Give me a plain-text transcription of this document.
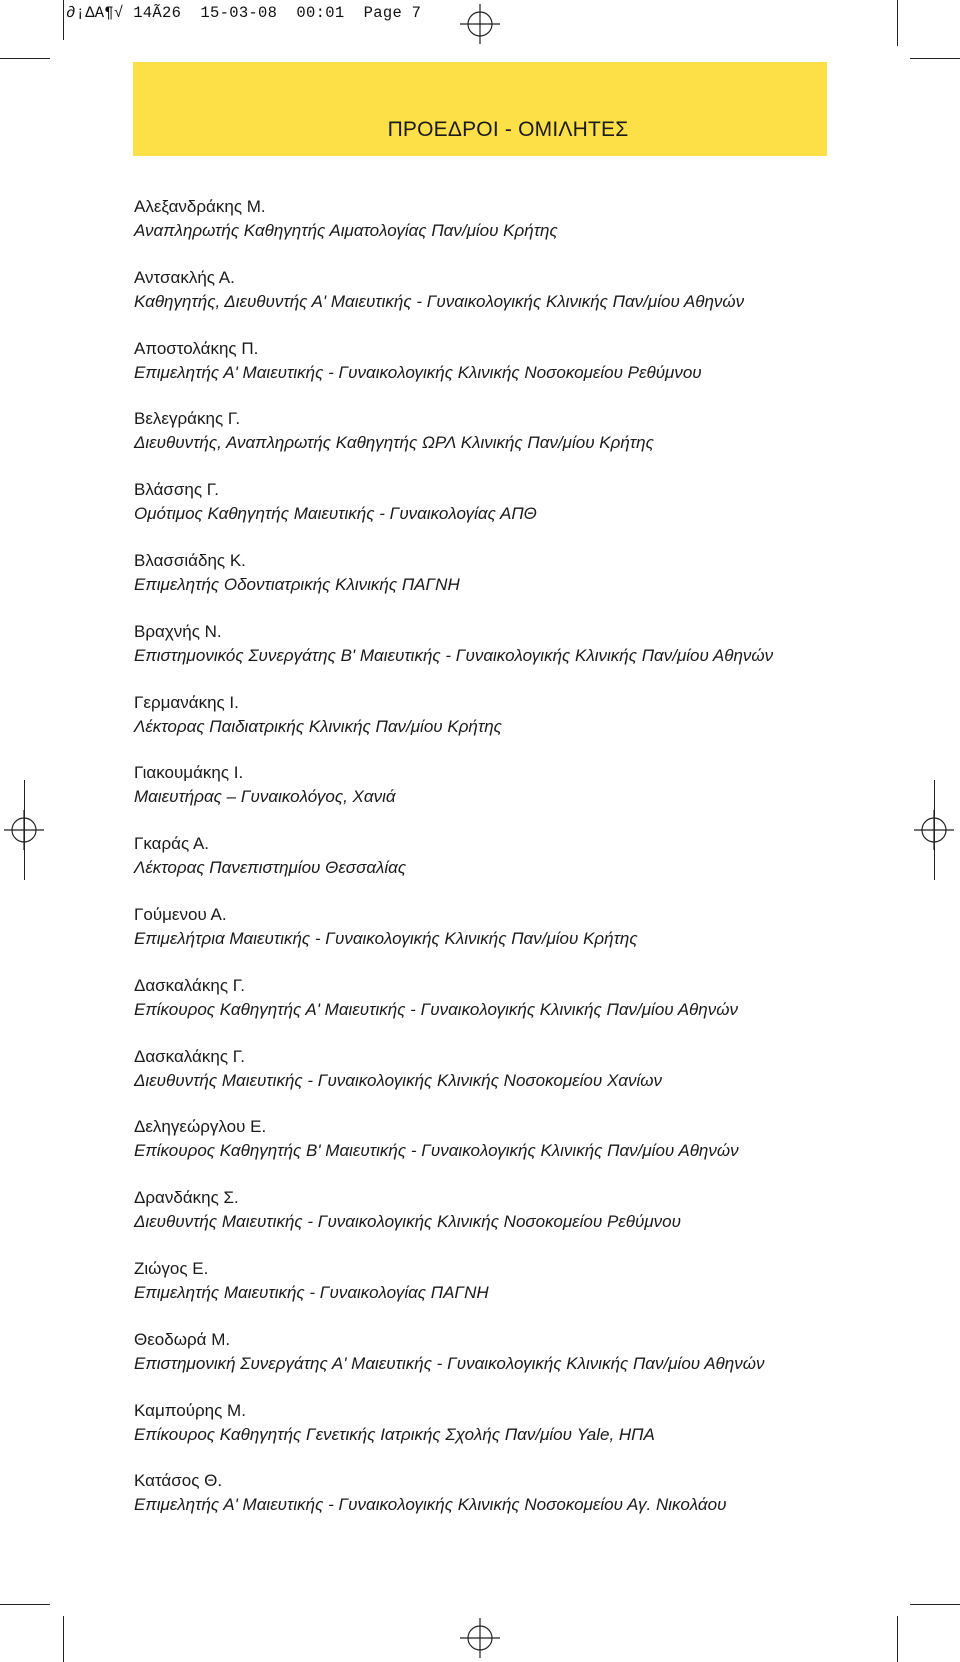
∂¡ΔΑ¶√ 14Ã26  15-03-08  00:01  Page 7
ΠΡΟΕΔΡΟΙ - ΟΜΙΛΗΤΕΣ
Αλεξανδράκης Μ.
Αναπληρωτής Καθηγητής Αιματολογίας Παν/μίου Κρήτης
Αντσακλής Α.
Καθηγητής, Διευθυντής Α' Μαιευτικής - Γυναικολογικής Κλινικής Παν/μίου Αθηνών
Αποστολάκης Π.
Επιμελητής Α' Μαιευτικής - Γυναικολογικής Κλινικής Νοσοκομείου Ρεθύμνου
Βελεγράκης Γ.
Διευθυντής, Αναπληρωτής Καθηγητής ΩΡΛ Κλινικής Παν/μίου Κρήτης
Βλάσσης Γ.
Ομότιμος Καθηγητής Μαιευτικής - Γυναικολογίας ΑΠΘ
Βλασσιάδης Κ.
Επιμελητής Οδοντιατρικής Κλινικής ΠΑΓΝΗ
Βραχνής Ν.
Επιστημονικός Συνεργάτης Β' Μαιευτικής - Γυναικολογικής Κλινικής Παν/μίου Αθηνών
Γερμανάκης Ι.
Λέκτορας Παιδιατρικής Κλινικής Παν/μίου Κρήτης
Γιακουμάκης Ι.
Μαιευτήρας – Γυναικολόγος, Χανιά
Γκαράς Α.
Λέκτορας Πανεπιστημίου Θεσσαλίας
Γούμενου Α.
Επιμελήτρια Μαιευτικής - Γυναικολογικής Κλινικής Παν/μίου Κρήτης
Δασκαλάκης Γ.
Επίκουρος Καθηγητής Α' Μαιευτικής - Γυναικολογικής Κλινικής Παν/μίου Αθηνών
Δασκαλάκης Γ.
Διευθυντής Μαιευτικής - Γυναικολογικής Κλινικής Νοσοκομείου Χανίων
Δεληγεώργλου Ε.
Επίκουρος Καθηγητής Β' Μαιευτικής - Γυναικολογικής Κλινικής Παν/μίου Αθηνών
Δρανδάκης Σ.
Διευθυντής Μαιευτικής - Γυναικολογικής Κλινικής Νοσοκομείου Ρεθύμνου
Ζιώγος Ε.
Επιμελητής Μαιευτικής - Γυναικολογίας ΠΑΓΝΗ
Θεοδωρά Μ.
Επιστημονική Συνεργάτης Α' Μαιευτικής - Γυναικολογικής Κλινικής Παν/μίου Αθηνών
Καμπούρης Μ.
Επίκουρος Καθηγητής Γενετικής Ιατρικής Σχολής Παν/μίου Yale, ΗΠΑ
Κατάσος Θ.
Επιμελητής Α' Μαιευτικής - Γυναικολογικής Κλινικής Νοσοκομείου Αγ. Νικολάου
